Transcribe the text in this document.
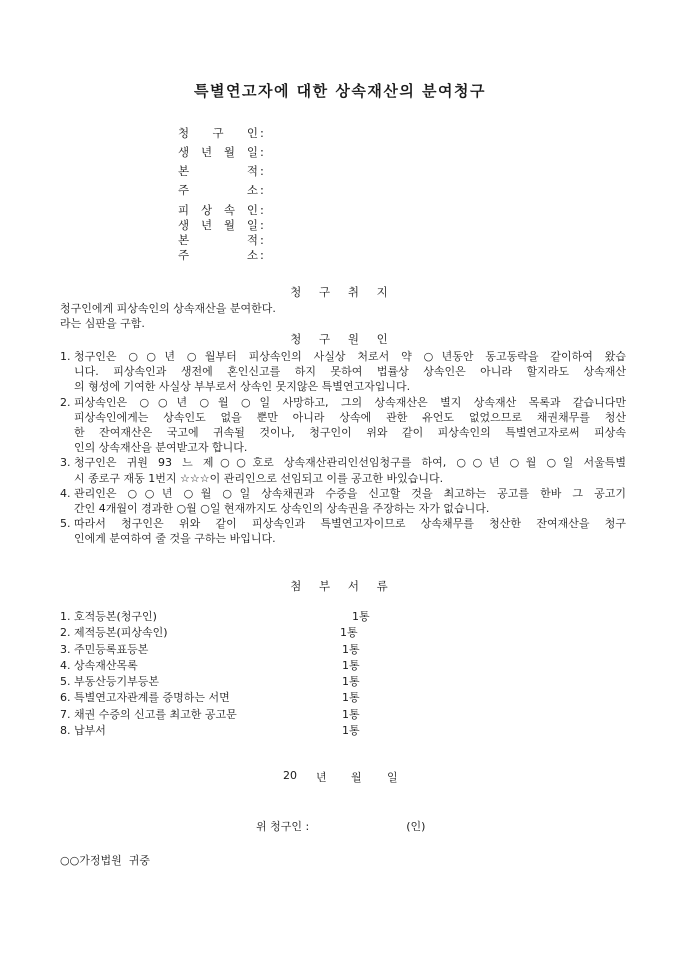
특별연고자에 대한 상속재산의 분여청구
청 구 인 :
생 년 월 일 :
본	적 :
주	소 :
피 상 속 인 :
생 년 월 일 :
본	적 :
주	소 :
청 구 취 지
청구인에게 피상속인의 상속재산을 분여한다.
라는 심판을 구함.
청 구 원 인
1. 청구인은 ○○년 ○월부터 피상속인의 사실상 처로서 약 ○년동안 동고동락을 같이하여 왔습
니다. 피상속인과 생전에 혼인신고를 하지 못하여 법률상 상속인은 아니라 할지라도 상속재산
의 형성에 기여한 사실상 부부로서 상속인 못지않은 특별연고자입니다.
2. 피상속인은 ○○년 ○월 ○일 사망하고, 그의 상속재산은 별지 상속재산 목록과 같습니다만
피상속인에게는 상속인도 없을 뿐만 아니라 상속에 관한 유언도 없었으므로 채권채무를 청산
한 잔여재산은 국고에 귀속될 것이나, 청구인이 위와 같이 피상속인의 특별연고자로써 피상속
인의 상속재산을 분여받고자 합니다.
3. 청구인은 귀원 93 느 제○○호로 상속재산관리인선임청구를 하여, ○○년 ○월 ○일 서울특별
시 종로구 재동 1번지 ☆☆☆이 관리인으로 선임되고 이를 공고한 바있습니다.
4. 관리인은 ○○년 ○월 ○일 상속채권과 수증을 신고할 것을 최고하는 공고를 한바 그 공고기
간인 4개월이 경과한 ○월 ○일 현재까지도 상속인의 상속권을 주장하는 자가 없습니다.
5. 따라서 청구인은 위와 같이 피상속인과 특별연고자이므로 상속채무를 청산한 잔여재산을 청구
인에게 분여하여 줄 것을 구하는 바입니다.
첨 부 서 류
1. 호적등본(청구인)	1통
2. 제적등본(피상속인)	1통
3. 주민등록표등본	1통
4. 상속재산목록	1통
5. 부동산등기부등본	1통
6. 특별연고자관계를 증명하는 서면	1통
7. 채권 수증의 신고를 최고한 공고문	1통
8. 납부서	1통
20 년 월 일
위 청구인 :	(인)
○○가정법원  귀중
